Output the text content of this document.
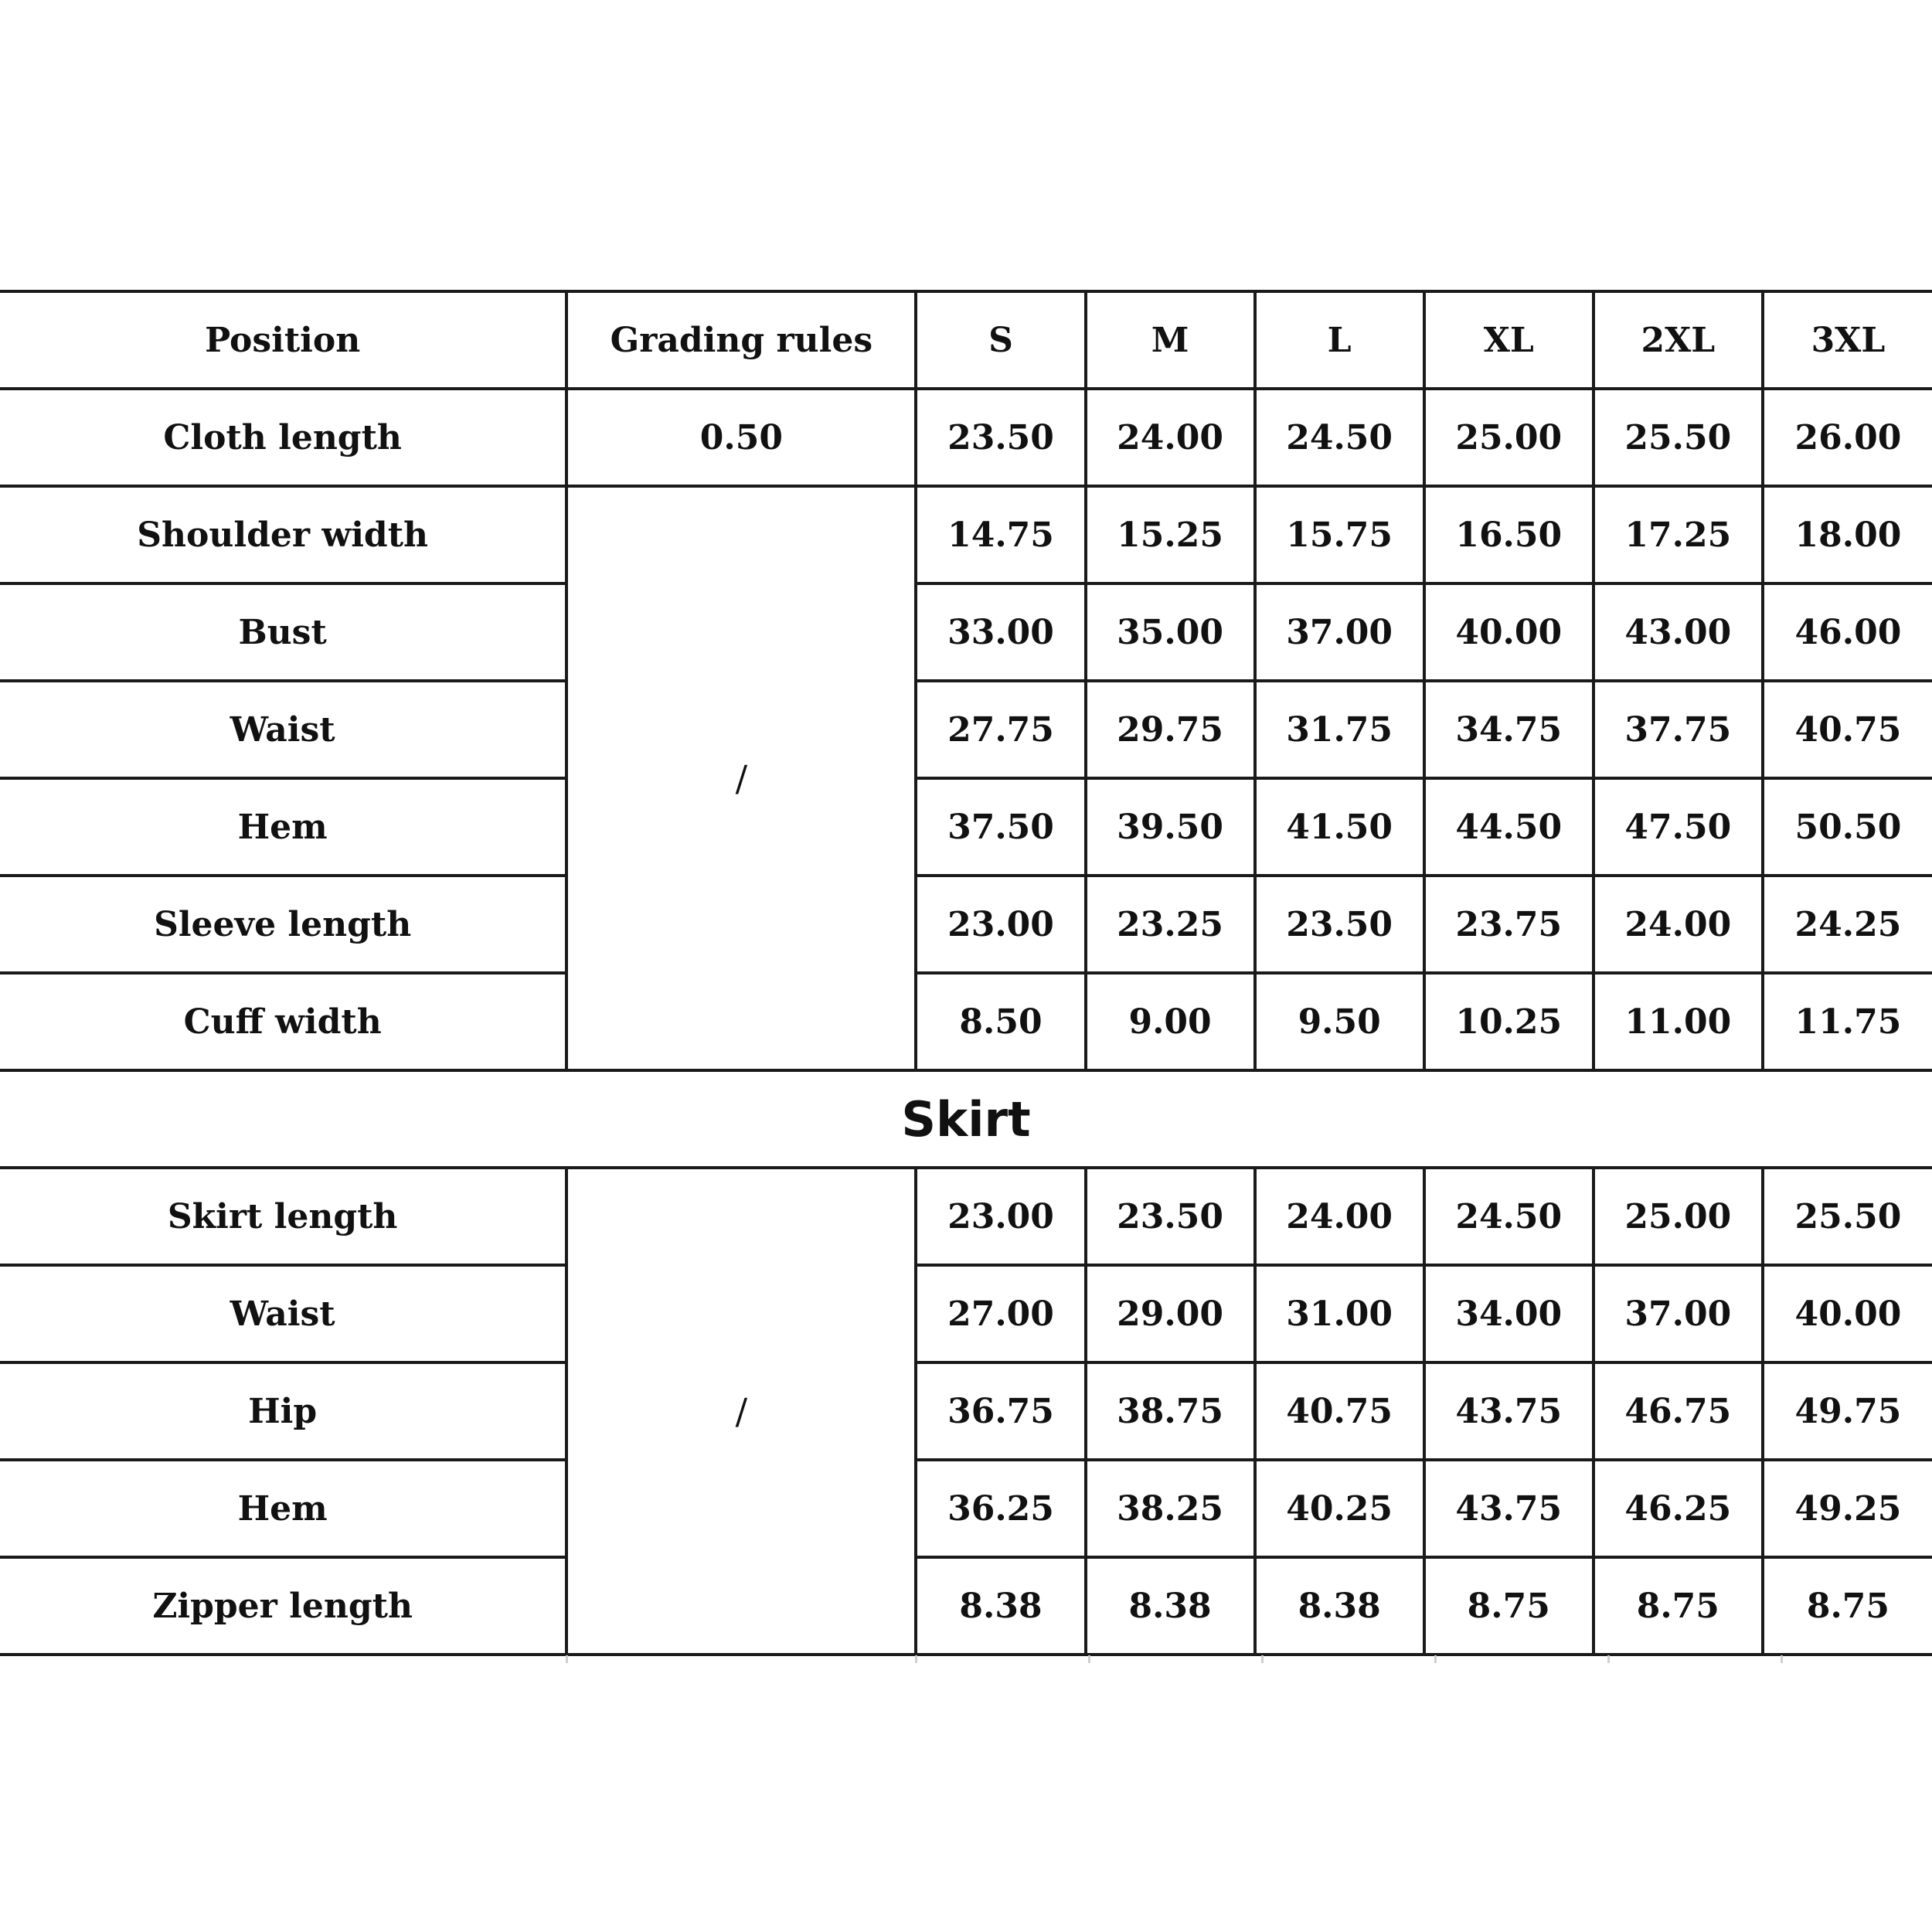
Position	Grading rules	S	M	L	XL	2XL	3XL
Cloth length	0.50	23.50	24.00	24.50	25.00	25.50	26.00
Shoulder width	/	14.75	15.25	15.75	16.50	17.25	18.00
Bust		33.00	35.00	37.00	40.00	43.00	46.00
Waist		27.75	29.75	31.75	34.75	37.75	40.75
Hem		37.50	39.50	41.50	44.50	47.50	50.50
Sleeve length		23.00	23.25	23.50	23.75	24.00	24.25
Cuff width		8.50	9.00	9.50	10.25	11.00	11.75
Skirt							
Skirt length	/	23.00	23.50	24.00	24.50	25.00	25.50
Waist		27.00	29.00	31.00	34.00	37.00	40.00
Hip		36.75	38.75	40.75	43.75	46.75	49.75
Hem		36.25	38.25	40.25	43.75	46.25	49.25
Zipper length		8.38	8.38	8.38	8.75	8.75	8.75
